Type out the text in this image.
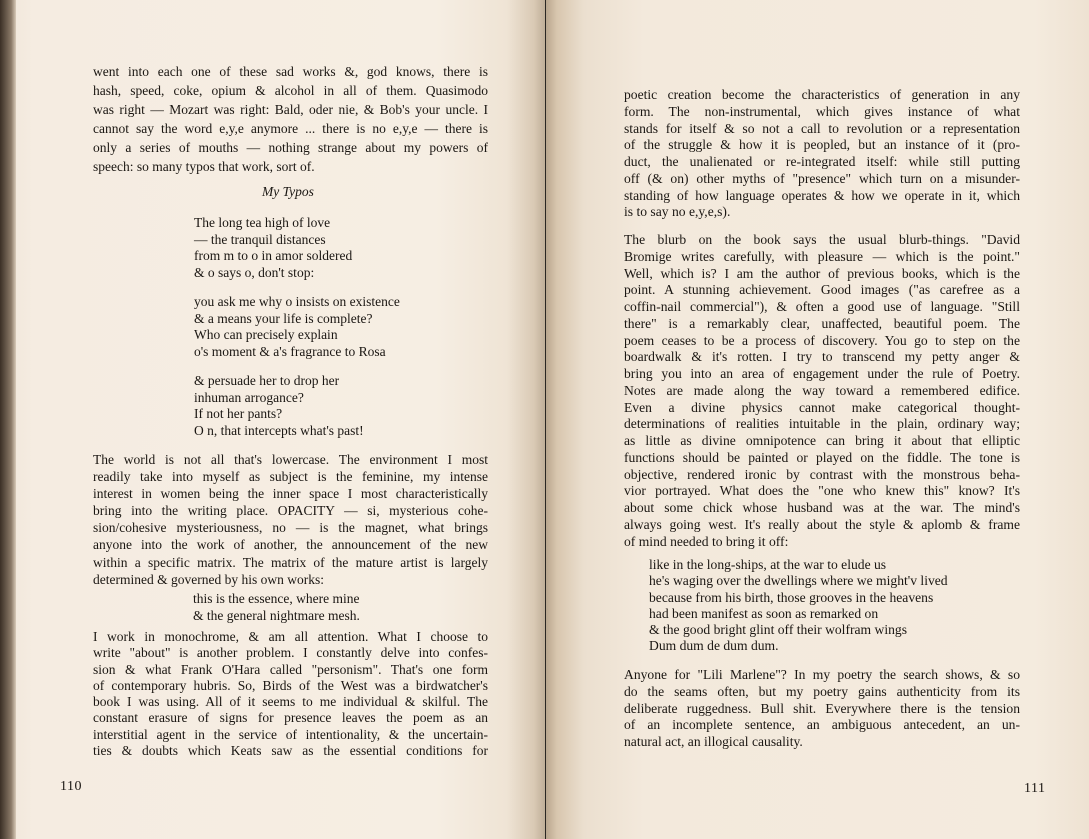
went into each one of these sad works &, god knows, there is
hash, speed, coke, opium & alcohol in all of them. Quasimodo
was right — Mozart was right: Bald, oder nie, & Bob's your uncle. I
cannot say the word e,y,e anymore ... there is no e,y,e — there is
only a series of mouths — nothing strange about my powers of
speech: so many typos that work, sort of.
My Typos
The long tea high of love
— the tranquil distances
from m to o in amor soldered
& o says o, don't stop:
you ask me why o insists on existence
& a means your life is complete?
Who can precisely explain
o's moment & a's fragrance to Rosa
& persuade her to drop her
inhuman arrogance?
If not her pants?
O n, that intercepts what's past!
The world is not all that's lowercase. The environment I most
readily take into myself as subject is the feminine, my intense
interest in women being the inner space I most characteristically
bring into the writing place. OPACITY — si, mysterious cohe-
sion/cohesive mysteriousness, no — is the magnet, what brings
anyone into the work of another, the announcement of the new
within a specific matrix. The matrix of the mature artist is largely
determined & governed by his own works:
this is the essence, where mine
& the general nightmare mesh.
I work in monochrome, & am all attention. What I choose to
write "about" is another problem. I constantly delve into confes-
sion & what Frank O'Hara called "personism". That's one form
of contemporary hubris. So, Birds of the West was a birdwatcher's
book I was using. All of it seems to me individual & skilful. The
constant erasure of signs for presence leaves the poem as an
interstitial agent in the service of intentionality, & the uncertain-
ties & doubts which Keats saw as the essential conditions for
110
poetic creation become the characteristics of generation in any
form. The non-instrumental, which gives instance of what
stands for itself & so not a call to revolution or a representation
of the struggle & how it is peopled, but an instance of it (pro-
duct, the unalienated or re-integrated itself: while still putting
off (& on) other myths of "presence" which turn on a misunder-
standing of how language operates & how we operate in it, which
is to say no e,y,e,s).
The blurb on the book says the usual blurb-things. "David
Bromige writes carefully, with pleasure — which is the point."
Well, which is? I am the author of previous books, which is the
point. A stunning achievement. Good images ("as carefree as a
coffin-nail commercial"), & often a good use of language. "Still
there" is a remarkably clear, unaffected, beautiful poem. The
poem ceases to be a process of discovery. You go to step on the
boardwalk & it's rotten. I try to transcend my petty anger &
bring you into an area of engagement under the rule of Poetry.
Notes are made along the way toward a remembered edifice.
Even a divine physics cannot make categorical thought-
determinations of realities intuitable in the plain, ordinary way;
as little as divine omnipotence can bring it about that elliptic
functions should be painted or played on the fiddle. The tone is
objective, rendered ironic by contrast with the monstrous beha-
vior portrayed. What does the "one who knew this" know? It's
about some chick whose husband was at the war. The mind's
always going west. It's really about the style & aplomb & frame
of mind needed to bring it off:
like in the long-ships, at the war to elude us
he's waging over the dwellings where we might'v lived
because from his birth, those grooves in the heavens
had been manifest as soon as remarked on
& the good bright glint off their wolfram wings
Dum dum de dum dum.
Anyone for "Lili Marlene"? In my poetry the search shows, & so
do the seams often, but my poetry gains authenticity from its
deliberate ruggedness. Bull shit. Everywhere there is the tension
of an incomplete sentence, an ambiguous antecedent, an un-
natural act, an illogical causality.
111
